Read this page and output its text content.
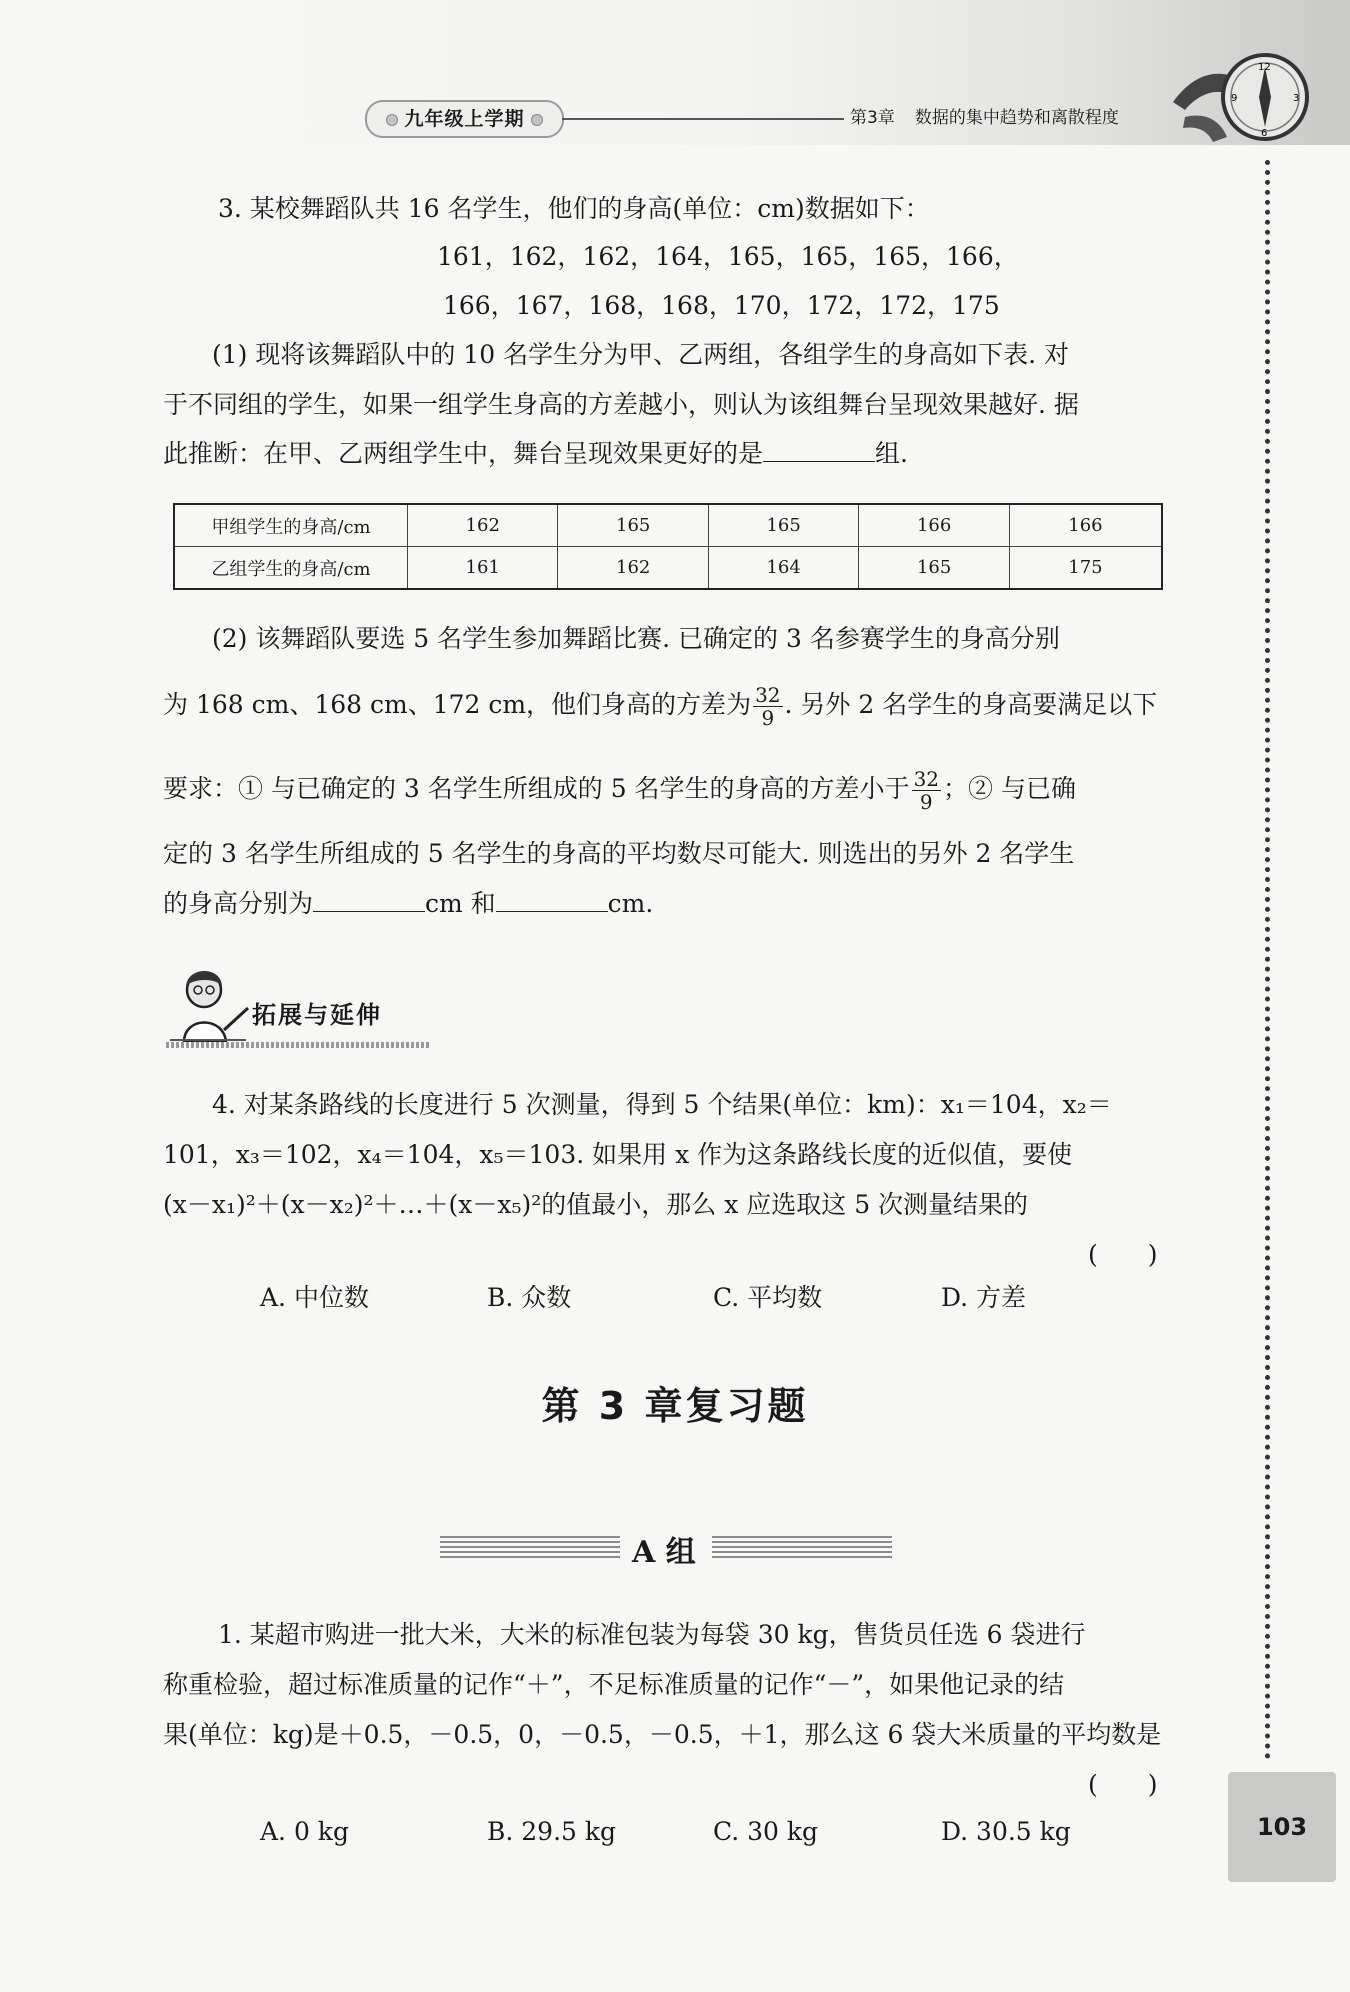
九年级上学期	第3章 数据的集中趋势和离散程度
12
3
6
9
103
3. 某校舞蹈队共 16 名学生，他们的身高(单位：cm)数据如下：
161，162，162，164，165，165，165，166，
166，167，168，168，170，172，172，175
(1) 现将该舞蹈队中的 10 名学生分为甲、乙两组，各组学生的身高如下表. 对
于不同组的学生，如果一组学生身高的方差越小，则认为该组舞台呈现效果越好. 据
此推断：在甲、乙两组学生中，舞台呈现效果更好的是	组.
甲组学生的身高/cm	162	165	165	166	166
乙组学生的身高/cm	161	162	164	165	175
(2) 该舞蹈队要选 5 名学生参加舞蹈比赛. 已确定的 3 名参赛学生的身高分别
为 168 cm、168 cm、172 cm，他们身高的方差为 $\frac{32}{9}$ . 另外 2 名学生的身高要满足以下
要求：① 与已确定的 3 名学生所组成的 5 名学生的身高的方差小于 $\frac{32}{9}$ ；② 与已确
定的 3 名学生所组成的 5 名学生的身高的平均数尽可能大. 则选出的另外 2 名学生
的身高分别为	cm 和	cm.
拓展与延伸
4. 对某条路线的长度进行 5 次测量，得到 5 个结果(单位：km)：x₁＝104，x₂＝
101，x₃＝102，x₄＝104，x₅＝103. 如果用 x 作为这条路线长度的近似值，要使
(x－x₁)²＋(x－x₂)²＋…＋(x－x₅)²的值最小，那么 x 应选取这 5 次测量结果的
(　　)
A. 中位数	B. 众数	C. 平均数	D. 方差
第 3 章复习题
A 组
1. 某超市购进一批大米，大米的标准包装为每袋 30 kg，售货员任选 6 袋进行
称重检验，超过标准质量的记作“＋”，不足标准质量的记作“－”，如果他记录的结
果(单位：kg)是＋0.5，－0.5，0，－0.5，－0.5，＋1，那么这 6 袋大米质量的平均数是
(　　)
A. 0 kg	B. 29.5 kg	C. 30 kg	D. 30.5 kg
